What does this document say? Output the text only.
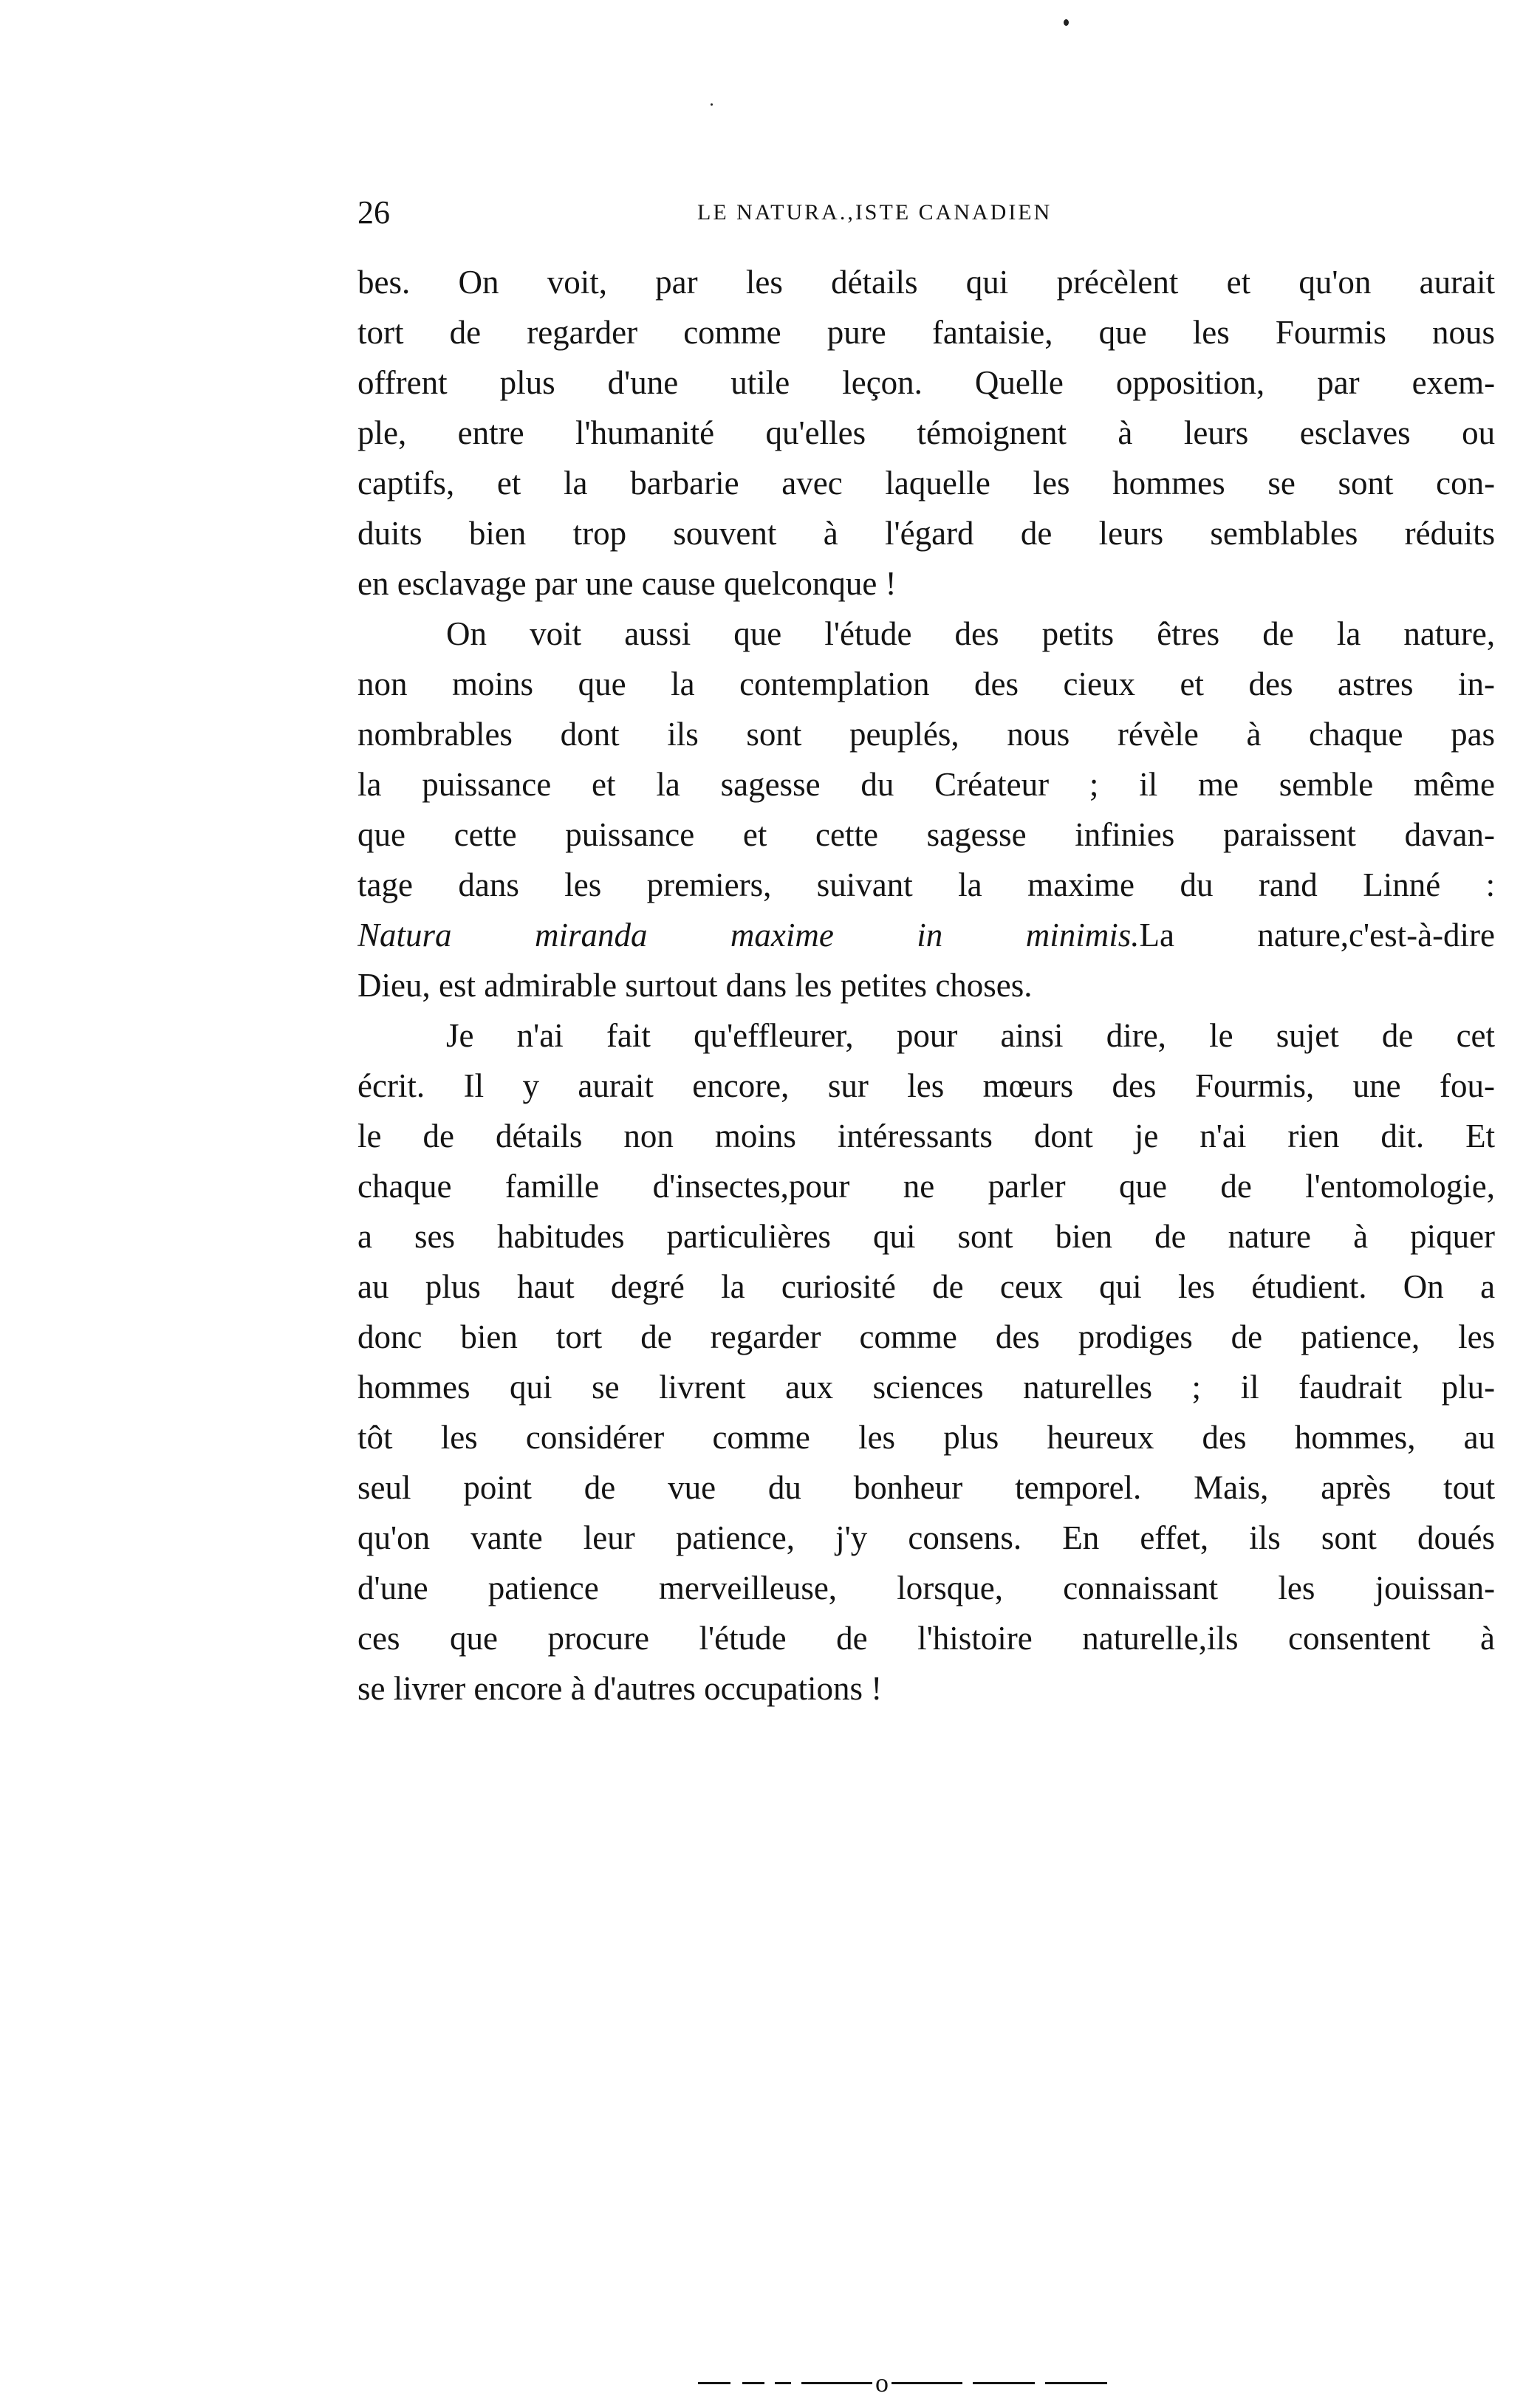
26	LE NATURA.,ISTE CANADIEN
bes. On voit, par les détails qui précèlent et qu'on aurait
tort de regarder comme pure fantaisie, que les Fourmis nous
offrent plus d'une utile leçon. Quelle opposition, par exem-
ple, entre l'humanité qu'elles témoignent à leurs esclaves ou
captifs, et la barbarie avec laquelle les hommes se sont con-
duits bien trop souvent à l'égard de leurs semblables réduits
en esclavage par une cause quelconque !
On voit aussi que l'étude des petits êtres de la nature,
non moins que la contemplation des cieux et des astres in-
nombrables dont ils sont peuplés, nous révèle à chaque pas
la puissance et la sagesse du Créateur ; il me semble même
que cette puissance et cette sagesse infinies paraissent davan-
tage dans les premiers, suivant la maxime du rand Linné :
Natura miranda maxime in minimis.La nature,c'est-à-dire
Dieu, est admirable surtout dans les petites choses.
Je n'ai fait qu'effleurer, pour ainsi dire, le sujet de cet
écrit. Il y aurait encore, sur les mœurs des Fourmis, une fou-
le de détails non moins intéressants dont je n'ai rien dit. Et
chaque famille d'insectes,pour ne parler que de l'entomologie,
a ses habitudes particulières qui sont bien de nature à piquer
au plus haut degré la curiosité de ceux qui les étudient. On a
donc bien tort de regarder comme des prodiges de patience, les
hommes qui se livrent aux sciences naturelles ; il faudrait plu-
tôt les considérer comme les plus heureux des hommes, au
seul point de vue du bonheur temporel. Mais, après tout
qu'on vante leur patience, j'y consens. En effet, ils sont doués
d'une patience merveilleuse, lorsque, connaissant les jouissan-
ces que procure l'étude de l'histoire naturelle,ils consentent à
se livrer encore à d'autres occupations !
o
